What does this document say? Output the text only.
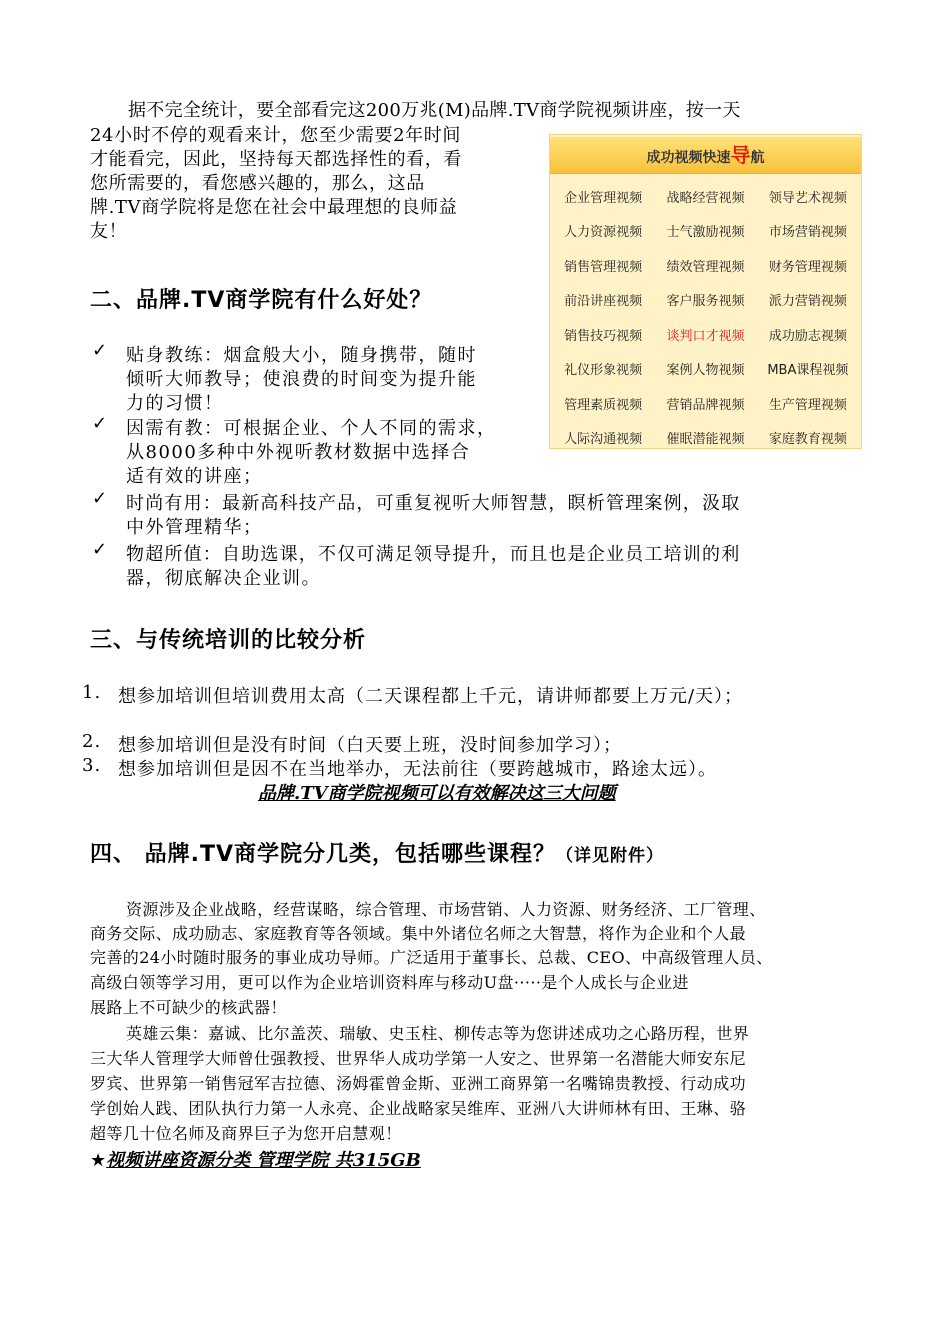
据不完全统计，要全部看完这200万兆(M)品牌.TV商学院视频讲座，按一天
24小时不停的观看来计，您至少需要2年时间
才能看完，因此，坚持每天都选择性的看，看
您所需要的，看您感兴趣的，那么，这品
牌.TV商学院将是您在社会中最理想的良师益
友！
成功视频快速导航
企业管理视频	战略经营视频	领导艺术视频
人力资源视频	士气激励视频	市场营销视频
销售管理视频	绩效管理视频	财务管理视频
前沿讲座视频	客户服务视频	派力营销视频
销售技巧视频	谈判口才视频	成功励志视频
礼仪形象视频	案例人物视频	MBA课程视频
管理素质视频	营销品牌视频	生产管理视频
人际沟通视频	催眠潜能视频	家庭教育视频
二、品牌.TV商学院有什么好处？
✓ 贴身教练：烟盒般大小，随身携带，随时
倾听大师教导；使浪费的时间变为提升能
力的习惯！
✓ 因需有教：可根据企业、个人不同的需求，
从8000多种中外视听教材数据中选择合
适有效的讲座；
✓ 时尚有用：最新高科技产品，可重复视听大师智慧，瞑析管理案例，汲取
中外管理精华；
✓ 物超所值：自助选课，不仅可满足领导提升，而且也是企业员工培训的利
器，彻底解决企业训。
三、与传统培训的比较分析
1. 想参加培训但培训费用太高（二天课程都上千元，请讲师都要上万元/天）；
2. 想参加培训但是没有时间（白天要上班，没时间参加学习）；
3. 想参加培训但是因不在当地举办，无法前往（要跨越城市，路途太远）。
品牌.TV商学院视频可以有效解决这三大问题
四、 品牌.TV商学院分几类，包括哪些课程？（详见附件）
资源涉及企业战略，经营谋略，综合管理、市场营销、人力资源、财务经济、工厂管理、
商务交际、成功励志、家庭教育等各领域。集中外诸位名师之大智慧，将作为企业和个人最
完善的24小时随时服务的事业成功导师。广泛适用于董事长、总裁、CEO、中高级管理人员、
高级白领等学习用，更可以作为企业培训资料库与移动U盘·····是个人成长与企业进
展路上不可缺少的核武器！
英雄云集：嘉诚、比尔盖茨、瑞敏、史玉柱、柳传志等为您讲述成功之心路历程，世界
三大华人管理学大师曾仕强教授、世界华人成功学第一人安之、世界第一名潜能大师安东尼
罗宾、世界第一销售冠军吉拉德、汤姆霍曾金斯、亚洲工商界第一名嘴锦贵教授、行动成功
学创始人践、团队执行力第一人永亮、企业战略家吴维库、亚洲八大讲师林有田、王琳、骆
超等几十位名师及商界巨子为您开启慧观！
★视频讲座资源分类 管理学院 共315GB
